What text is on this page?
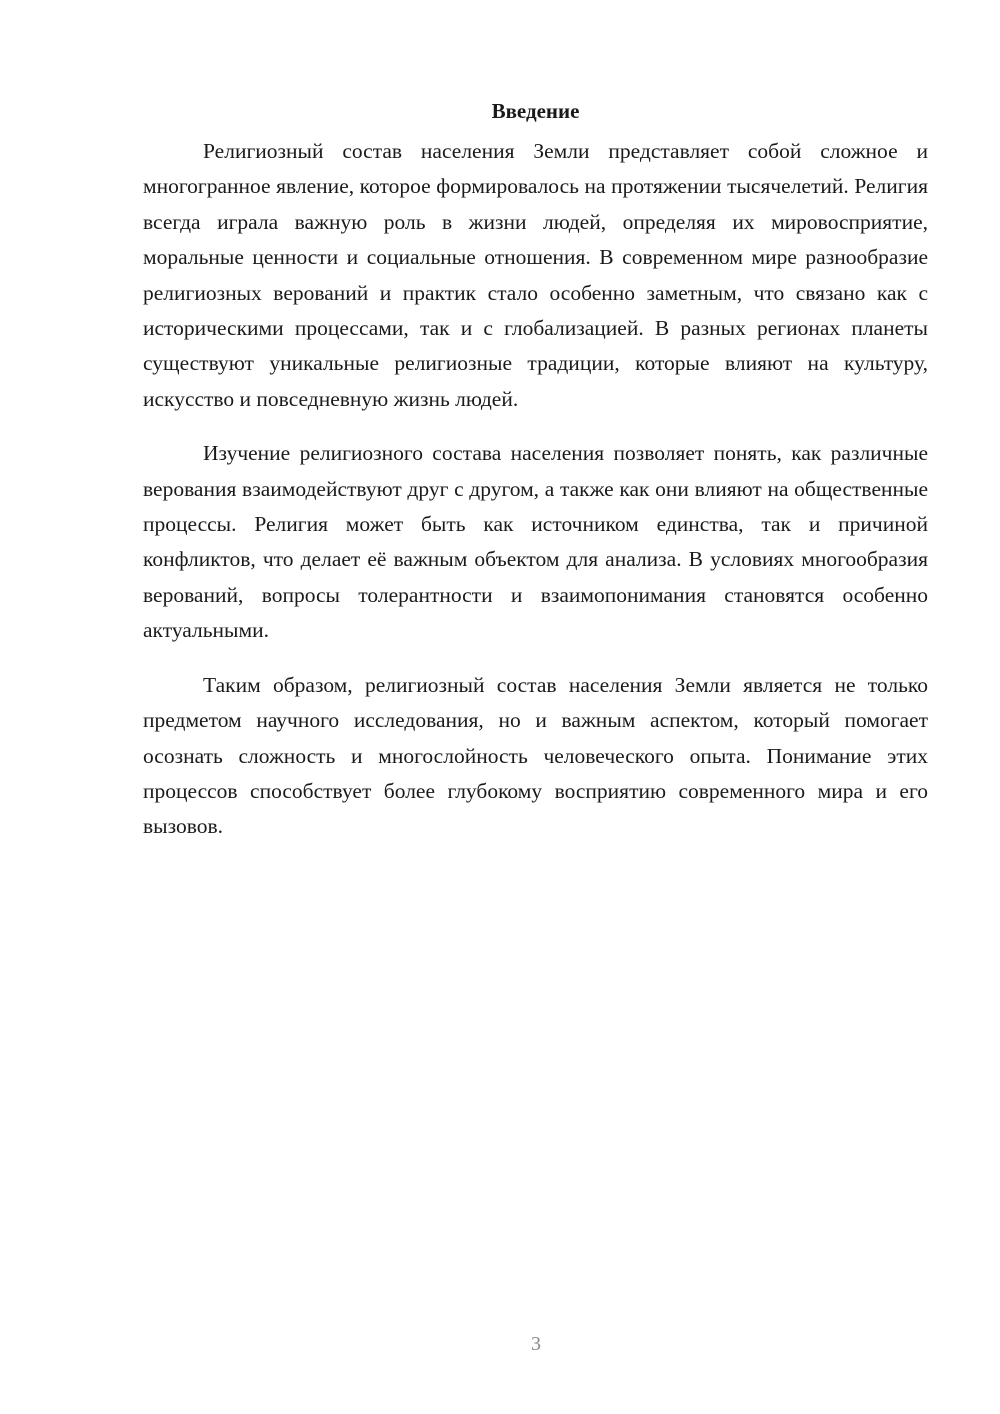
Введение

Религиозный состав населения Земли представляет собой сложное и многогранное явление, которое формировалось на протяжении тысячелетий. Религия всегда играла важную роль в жизни людей, определяя их мировосприятие, моральные ценности и социальные отношения. В современном мире разнообразие религиозных верований и практик стало особенно заметным, что связано как с историческими процессами, так и с глобализацией. В разных регионах планеты существуют уникальные религиозные традиции, которые влияют на культуру, искусство и повседневную жизнь людей.

Изучение религиозного состава населения позволяет понять, как различные верования взаимодействуют друг с другом, а также как они влияют на общественные процессы. Религия может быть как источником единства, так и причиной конфликтов, что делает её важным объектом для анализа. В условиях многообразия верований, вопросы толерантности и взаимопонимания становятся особенно актуальными.

Таким образом, религиозный состав населения Земли является не только предметом научного исследования, но и важным аспектом, который помогает осознать сложность и многослойность человеческого опыта. Понимание этих процессов способствует более глубокому восприятию современного мира и его вызовов.

3
